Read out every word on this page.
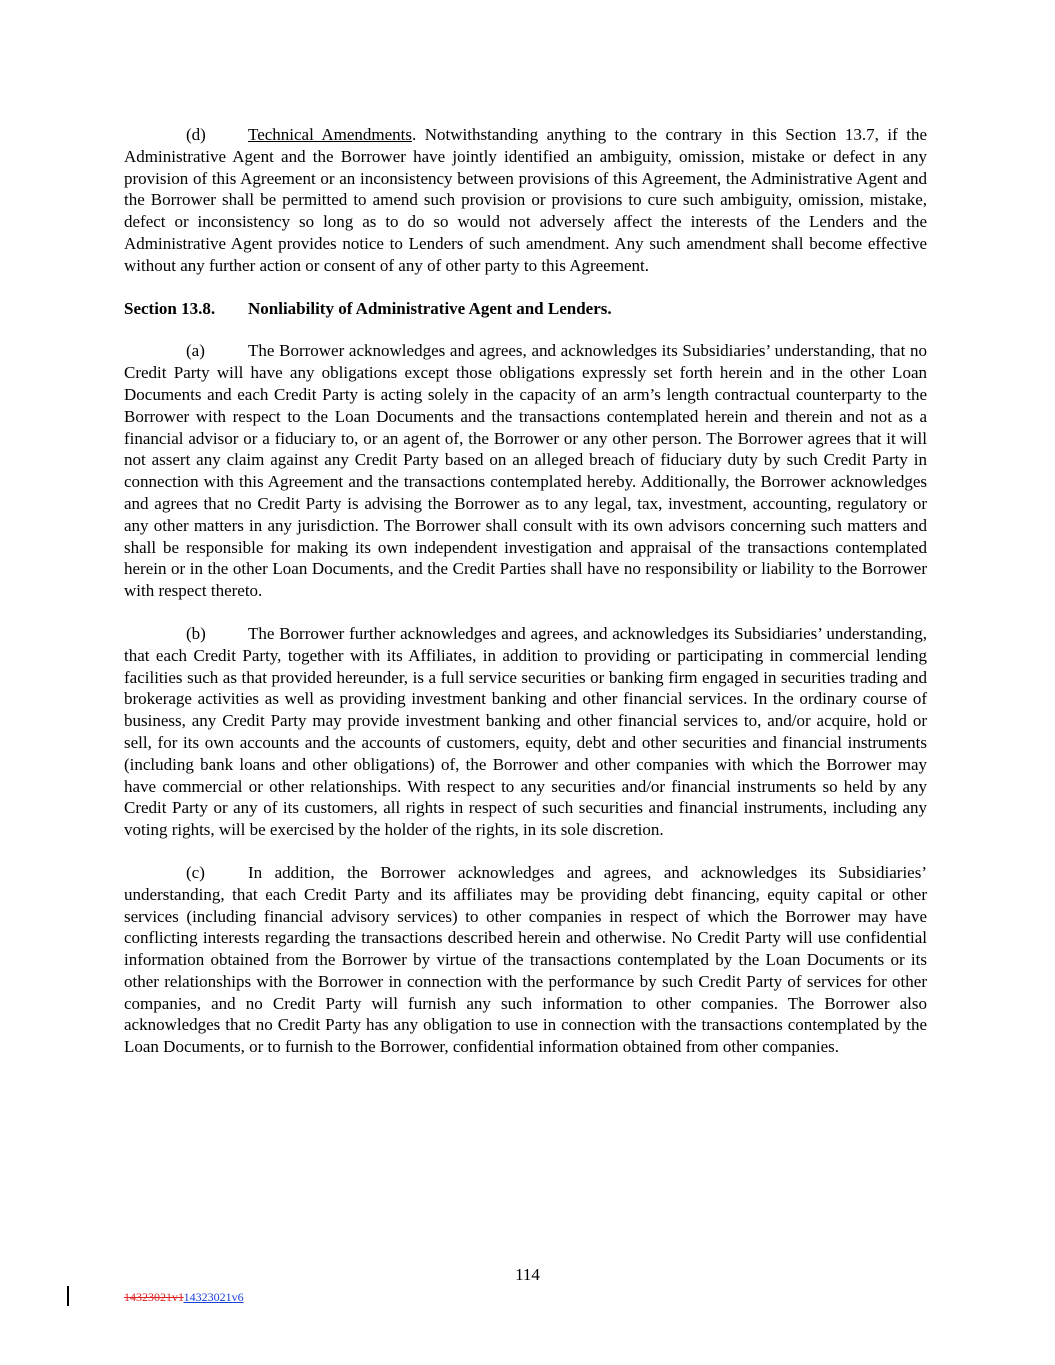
(d) Technical Amendments. Notwithstanding anything to the contrary in this Section 13.7, if the Administrative Agent and the Borrower have jointly identified an ambiguity, omission, mistake or defect in any provision of this Agreement or an inconsistency between provisions of this Agreement, the Administrative Agent and the Borrower shall be permitted to amend such provision or provisions to cure such ambiguity, omission, mistake, defect or inconsistency so long as to do so would not adversely affect the interests of the Lenders and the Administrative Agent provides notice to Lenders of such amendment. Any such amendment shall become effective without any further action or consent of any of other party to this Agreement.

Section 13.8. Nonliability of Administrative Agent and Lenders.

(a)	The Borrower acknowledges and agrees, and acknowledges its Subsidiaries’ understanding, that no Credit Party will have any obligations except those obligations expressly set forth herein and in the other Loan Documents and each Credit Party is acting solely in the capacity of an arm’s length contractual counterparty to the Borrower with respect to the Loan Documents and the transactions contemplated herein and therein and not as a financial advisor or a fiduciary to, or an agent of, the Borrower or any other person. The Borrower agrees that it will not assert any claim against any Credit Party based on an alleged breach of fiduciary duty by such Credit Party in connection with this Agreement and the transactions contemplated hereby. Additionally, the Borrower acknowledges and agrees that no Credit Party is advising the Borrower as to any legal, tax, investment, accounting, regulatory or any other matters in any jurisdiction. The Borrower shall consult with its own advisors concerning such matters and shall be responsible for making its own independent investigation and appraisal of the transactions contemplated herein or in the other Loan Documents, and the Credit Parties shall have no responsibility or liability to the Borrower with respect thereto.

(b) The Borrower further acknowledges and agrees, and acknowledges its Subsidiaries’ understanding, that each Credit Party, together with its Affiliates, in addition to providing or participating in commercial lending facilities such as that provided hereunder, is a full service securities or banking firm engaged in securities trading and brokerage activities as well as providing investment banking and other financial services. In the ordinary course of business, any Credit Party may provide investment banking and other financial services to, and/or acquire, hold or sell, for its own accounts and the accounts of customers, equity, debt and other securities and financial instruments (including bank loans and other obligations) of, the Borrower and other companies with which the Borrower may have commercial or other relationships. With respect to any securities and/or financial instruments so held by any Credit Party or any of its customers, all rights in respect of such securities and financial instruments, including any voting rights, will be exercised by the holder of the rights, in its sole discretion.

(c)	In addition, the Borrower acknowledges and agrees, and acknowledges its Subsidiaries’ understanding, that each Credit Party and its affiliates may be providing debt financing, equity capital or other services (including financial advisory services) to other companies in respect of which the Borrower may have conflicting interests regarding the transactions described herein and otherwise. No Credit Party will use confidential information obtained from the Borrower by virtue of the transactions contemplated by the Loan Documents or its other relationships with the Borrower in connection with the performance by such Credit Party of services for other companies, and no Credit Party will furnish any such information to other companies. The Borrower also acknowledges that no Credit Party has any obligation to use in connection with the transactions contemplated by the Loan Documents, or to furnish to the Borrower, confidential information obtained from other companies.

114
14323021v114323021v6
